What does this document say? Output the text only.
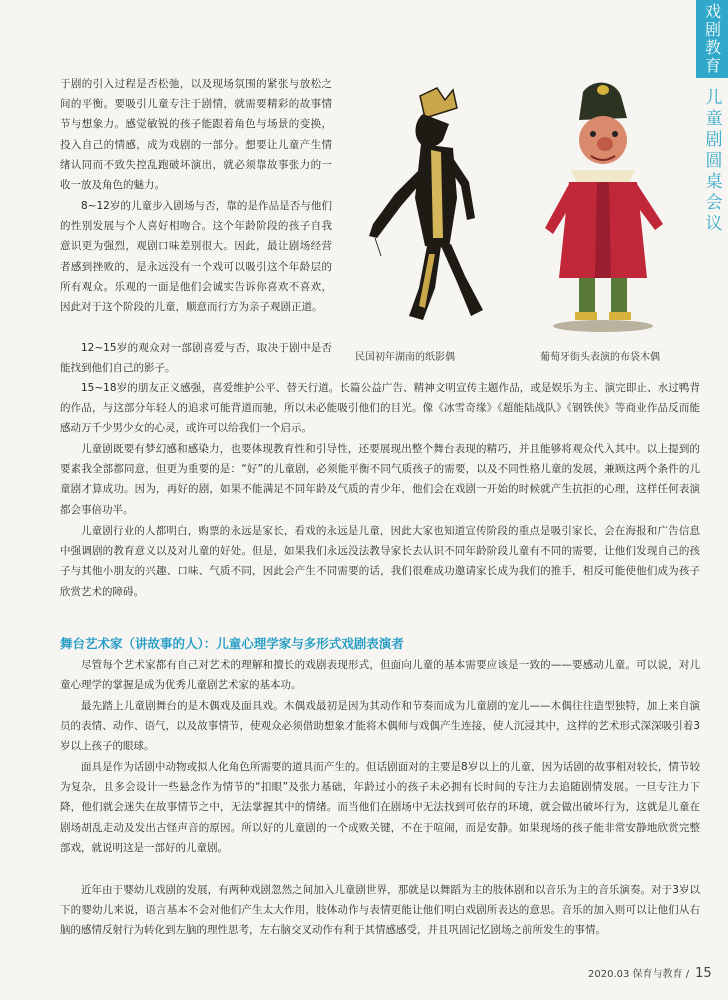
戏剧教育
儿童剧圆桌会议

于剧的引入过程是否松弛，以及现场氛围的紧张与放松之间的平衡。要吸引儿童专注于剧情，就需要精彩的故事情节与想象力。感觉敏锐的孩子能跟着角色与场景的变换，投入自己的情感，成为戏剧的一部分。想要让儿童产生情绪认同而不致失控乱跑破坏演出，就必须靠故事张力的一收一放及角色的魅力。

8~12岁的儿童步入剧场与否，靠的是作品是否与他们的性别发展与个人喜好相吻合。这个年龄阶段的孩子自我意识更为强烈，观剧口味差别很大。因此，最让剧场经营者感到挫败的，是永远没有一个戏可以吸引这个年龄层的所有观众。乐观的一面是他们会诚实告诉你喜欢不喜欢，因此对于这个阶段的儿童，顺意而行方为亲子观剧正道。

12~15岁的观众对一部剧喜爱与否，取决于剧中是否能找到他们自己的影子。

民国初年湖南的纸影偶	葡萄牙街头表演的布袋木偶

15~18岁的朋友正义感强，喜爱维护公平、替天行道。长篇公益广告、精神文明宣传主题作品，或是娱乐为主、演完即止、水过鸭背的作品，与这部分年轻人的追求可能背道而驰，所以未必能吸引他们的目光。像《冰雪奇缘》《超能陆战队》《钢铁侠》等商业作品反而能感动万千少男少女的心灵，或许可以给我们一个启示。

儿童剧既要有梦幻感和感染力，也要体现教育性和引导性，还要展现出整个舞台表现的精巧，并且能够将观众代入其中。以上提到的要素我全部都同意，但更为重要的是：“好”的儿童剧，必须能平衡不同气质孩子的需要，以及不同性格儿童的发展，兼顾这两个条件的儿童剧才算成功。因为，再好的剧，如果不能满足不同年龄及气质的青少年，他们会在戏剧一开始的时候就产生抗拒的心理，这样任何表演都会事倍功半。

儿童剧行业的人都明白，购票的永远是家长，看戏的永远是儿童，因此大家也知道宣传阶段的重点是吸引家长，会在海报和广告信息中强调剧的教育意义以及对儿童的好处。但是，如果我们永远没法教导家长去认识不同年龄阶段儿童有不同的需要，让他们发现自己的孩子与其他小朋友的兴趣、口味、气质不同，因此会产生不同需要的话，我们很难成功邀请家长成为我们的推手，相反可能使他们成为孩子欣赏艺术的障碍。

舞台艺术家（讲故事的人）：儿童心理学家与多形式戏剧表演者

尽管每个艺术家都有自己对艺术的理解和擅长的戏剧表现形式，但面向儿童的基本需要应该是一致的——要感动儿童。可以说，对儿童心理学的掌握是成为优秀儿童剧艺术家的基本功。

最先踏上儿童剧舞台的是木偶戏及面具戏。木偶戏最初是因为其动作和节奏而成为儿童剧的宠儿——木偶往往造型独特，加上来自演员的表情、动作、语气，以及故事情节，使观众必须借助想象才能将木偶师与戏偶产生连接，使人沉浸其中，这样的艺术形式深深吸引着3岁以上孩子的眼球。

面具是作为话剧中动物或拟人化角色所需要的道具而产生的。但话剧面对的主要是8岁以上的儿童，因为话剧的故事相对较长，情节较为复杂，且多会设计一些悬念作为情节的“扣眼”及张力基础，年龄过小的孩子未必拥有长时间的专注力去追随剧情发展。一旦专注力下降，他们就会迷失在故事情节之中，无法掌握其中的情绪。而当他们在剧场中无法找到可依存的环境，就会做出破坏行为，这就是儿童在剧场胡乱走动及发出古怪声音的原因。所以好的儿童剧的一个成败关键，不在于喧闹，而是安静。如果现场的孩子能非常安静地欣赏完整部戏，就说明这是一部好的儿童剧。

近年由于婴幼儿戏剧的发展，有两种戏剧忽然之间加入儿童剧世界，那就是以舞蹈为主的肢体剧和以音乐为主的音乐演奏。对于3岁以下的婴幼儿来说，语言基本不会对他们产生太大作用，肢体动作与表情更能让他们明白戏剧所表达的意思。音乐的加入则可以让他们从右脑的感情反射行为转化到左脑的理性思考，左右脑交叉动作有利于其情感感受，并且巩固记忆剧场之前所发生的事情。

2020.03 保育与教育 / 15
